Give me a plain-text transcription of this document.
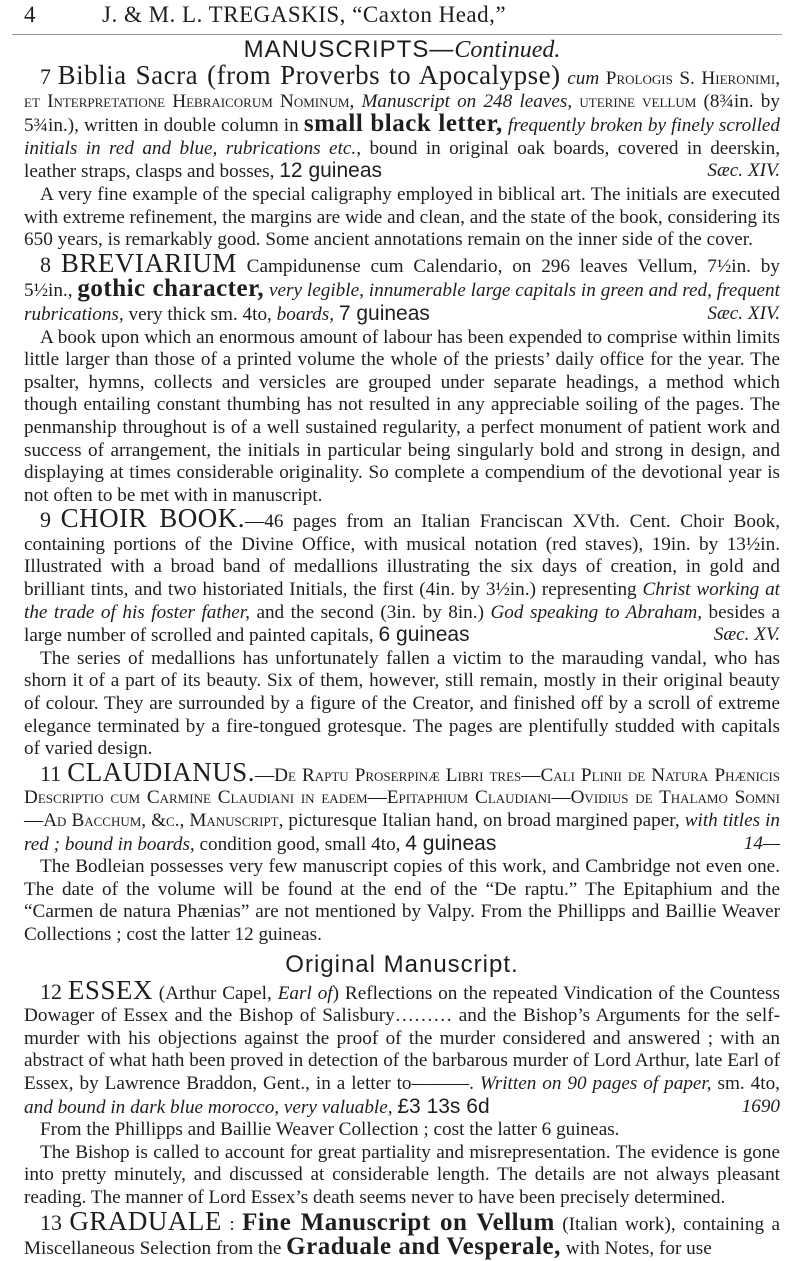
4	J. & M. L. TREGASKIS, “Caxton Head,”
MANUSCRIPTS—Continued.

7 Biblia Sacra (from Proverbs to Apocalypse) cum Prologis S. Hieronimi, et Interpretatione Hebraicorum Nominum, Manuscript on 248 leaves, uterine vellum (8¾in. by 5¾in.), written in double column in small black letter, frequently broken by finely scrolled initials in red and blue, rubrications etc., bound in original oak boards, covered in deerskin, leather straps, clasps and bosses, 12 guineas	Sæc. XIV.

A very fine example of the special caligraphy employed in biblical art. The initials are executed with extreme refinement, the margins are wide and clean, and the state of the book, considering its 650 years, is remarkably good. Some ancient annotations remain on the inner side of the cover.

8 BREVIARIUM Campidunense cum Calendario, on 296 leaves Vellum, 7½in. by 5½in., gothic character, very legible, innumerable large capitals in green and red, frequent rubrications, very thick sm. 4to, boards, 7 guineas	Sæc. XIV.

A book upon which an enormous amount of labour has been expended to comprise within limits little larger than those of a printed volume the whole of the priests’ daily office for the year. The psalter, hymns, collects and versicles are grouped under separate headings, a method which though entailing constant thumbing has not resulted in any appreciable soiling of the pages. The penmanship throughout is of a well sustained regularity, a perfect monument of patient work and success of arrangement, the initials in particular being singularly bold and strong in design, and displaying at times considerable originality. So complete a compendium of the devotional year is not often to be met with in manuscript.

9 CHOIR BOOK.—46 pages from an Italian Franciscan XVth. Cent. Choir Book, containing portions of the Divine Office, with musical notation (red staves), 19in. by 13½in. Illustrated with a broad band of medallions illustrating the six days of creation, in gold and brilliant tints, and two historiated Initials, the first (4in. by 3½in.) representing Christ working at the trade of his foster father, and the second (3in. by 8in.) God speaking to Abraham, besides a large number of scrolled and painted capitals, 6 guineas	Sæc. XV.

The series of medallions has unfortunately fallen a victim to the marauding vandal, who has shorn it of a part of its beauty. Six of them, however, still remain, mostly in their original beauty of colour. They are surrounded by a figure of the Creator, and finished off by a scroll of extreme elegance terminated by a fire-tongued grotesque. The pages are plentifully studded with capitals of varied design.

11 CLAUDIANUS.—De Raptu Proserpinæ Libri tres—Cali Plinii de Natura Phænicis Descriptio cum Carmine Claudiani in eadem—Epitaphium Claudiani—Ovidius de Thalamo Somni—Ad Bacchum, &c., Manuscript, picturesque Italian hand, on broad margined paper, with titles in red ; bound in boards, condition good, small 4to, 4 guineas	14—

The Bodleian possesses very few manuscript copies of this work, and Cambridge not even one. The date of the volume will be found at the end of the “De raptu.” The Epitaphium and the “Carmen de natura Phænias” are not mentioned by Valpy. From the Phillipps and Baillie Weaver Collections ; cost the latter 12 guineas.

Original Manuscript.

12 ESSEX (Arthur Capel, Earl of) Reflections on the repeated Vindication of the Countess Dowager of Essex and the Bishop of Salisbury……… and the Bishop’s Arguments for the self-murder with his objections against the proof of the murder considered and answered ; with an abstract of what hath been proved in detection of the barbarous murder of Lord Arthur, late Earl of Essex, by Lawrence Braddon, Gent., in a letter to———. Written on 90 pages of paper, sm. 4to, and bound in dark blue morocco, very valuable, £3 13s 6d	1690

From the Phillipps and Baillie Weaver Collection ; cost the latter 6 guineas.

The Bishop is called to account for great partiality and misrepresentation. The evidence is gone into pretty minutely, and discussed at considerable length. The details are not always pleasant reading. The manner of Lord Essex’s death seems never to have been precisely determined.

13 GRADUALE : Fine Manuscript on Vellum (Italian work), containing a Miscellaneous Selection from the Graduale and Vesperale, with Notes, for use
